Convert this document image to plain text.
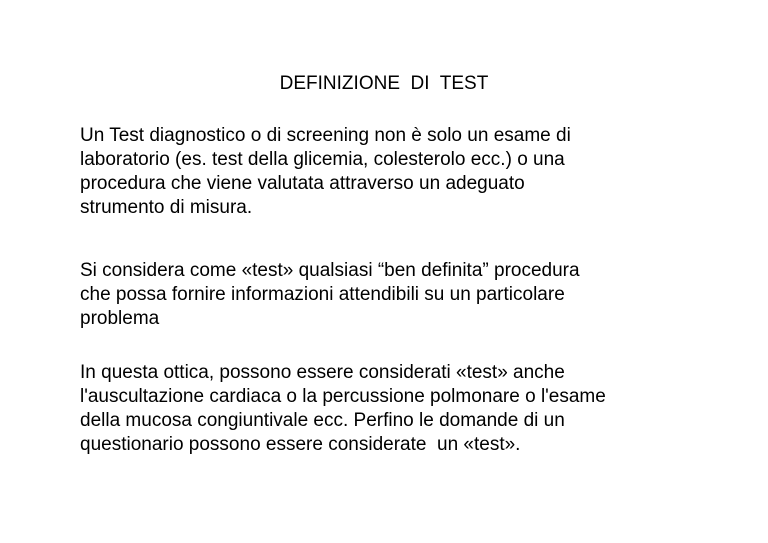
DEFINIZIONE  DI  TEST
Un Test diagnostico o di screening non è solo un esame di
laboratorio (es. test della glicemia, colesterolo ecc.) o una
procedura che viene valutata attraverso un adeguato
strumento di misura.
Si considera come «test» qualsiasi “ben definita” procedura
che possa fornire informazioni attendibili su un particolare
problema
In questa ottica, possono essere considerati «test» anche
l'auscultazione cardiaca o la percussione polmonare o l'esame
della mucosa congiuntivale ecc. Perfino le domande di un
questionario possono essere considerate  un «test».
